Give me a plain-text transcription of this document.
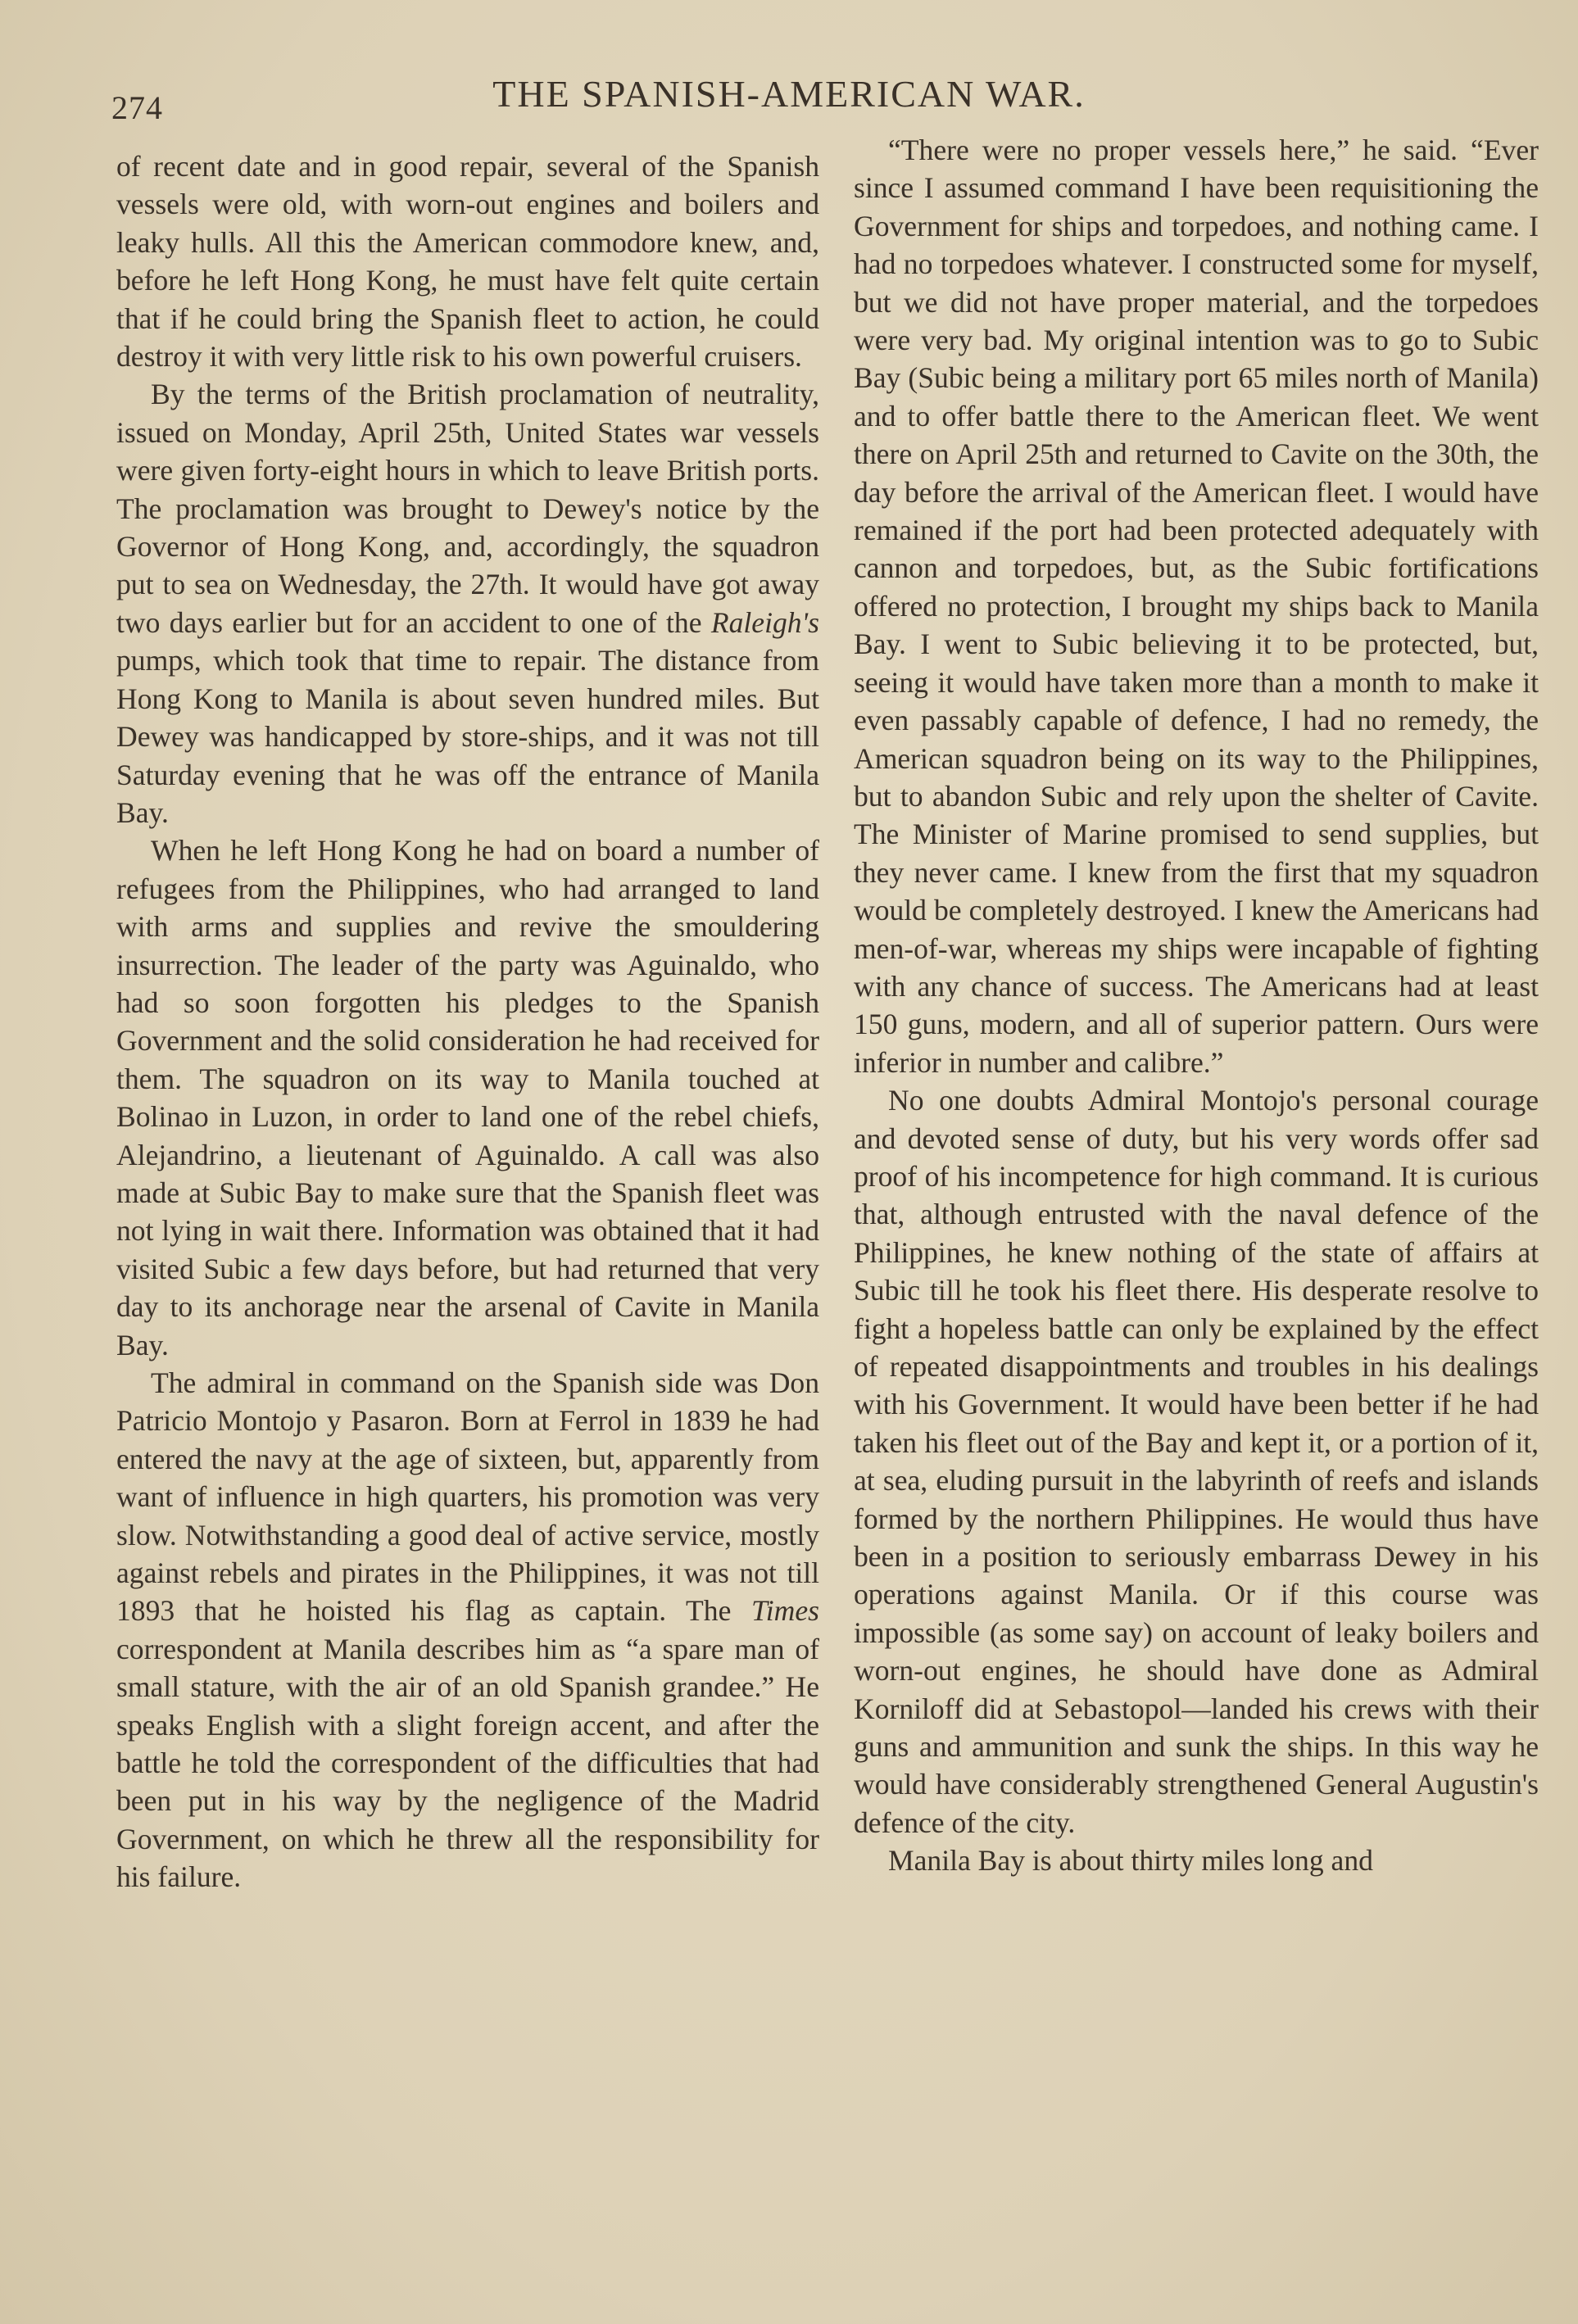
274	THE SPANISH-AMERICAN WAR.

of recent date and in good repair, several of the Spanish vessels were old, with worn-out engines and boilers and leaky hulls. All this the American commodore knew, and, before he left Hong Kong, he must have felt quite certain that if he could bring the Spanish fleet to action, he could destroy it with very little risk to his own powerful cruisers.

By the terms of the British proclamation of neutrality, issued on Monday, April 25th, United States war vessels were given forty-eight hours in which to leave British ports. The proclamation was brought to Dewey's notice by the Governor of Hong Kong, and, accordingly, the squadron put to sea on Wednesday, the 27th. It would have got away two days earlier but for an accident to one of the Raleigh's pumps, which took that time to repair. The distance from Hong Kong to Manila is about seven hundred miles. But Dewey was handicapped by store-ships, and it was not till Saturday evening that he was off the entrance of Manila Bay.

When he left Hong Kong he had on board a number of refugees from the Philippines, who had arranged to land with arms and supplies and revive the smouldering insurrection. The leader of the party was Aguinaldo, who had so soon forgotten his pledges to the Spanish Government and the solid consideration he had received for them. The squadron on its way to Manila touched at Bolinao in Luzon, in order to land one of the rebel chiefs, Alejandrino, a lieutenant of Aguinaldo. A call was also made at Subic Bay to make sure that the Spanish fleet was not lying in wait there. Information was obtained that it had visited Subic a few days before, but had returned that very day to its anchorage near the arsenal of Cavite in Manila Bay.

The admiral in command on the Spanish side was Don Patricio Montojo y Pasaron. Born at Ferrol in 1839 he had entered the navy at the age of sixteen, but, apparently from want of influence in high quarters, his promotion was very slow. Notwithstanding a good deal of active service, mostly against rebels and pirates in the Philippines, it was not till 1893 that he hoisted his flag as captain. The Times correspondent at Manila describes him as “a spare man of small stature, with the air of an old Spanish grandee.” He speaks English with a slight foreign accent, and after the battle he told the correspondent of the difficulties that had been put in his way by the negligence of the Madrid Government, on which he threw all the responsibility for his failure.

“There were no proper vessels here,” he said. “Ever since I assumed command I have been requisitioning the Government for ships and torpedoes, and nothing came. I had no torpedoes whatever. I constructed some for myself, but we did not have proper material, and the torpedoes were very bad. My original intention was to go to Subic Bay (Subic being a military port 65 miles north of Manila) and to offer battle there to the American fleet. We went there on April 25th and returned to Cavite on the 30th, the day before the arrival of the American fleet. I would have remained if the port had been protected adequately with cannon and torpedoes, but, as the Subic fortifications offered no protection, I brought my ships back to Manila Bay. I went to Subic believing it to be protected, but, seeing it would have taken more than a month to make it even passably capable of defence, I had no remedy, the American squadron being on its way to the Philippines, but to abandon Subic and rely upon the shelter of Cavite. The Minister of Marine promised to send supplies, but they never came. I knew from the first that my squadron would be completely destroyed. I knew the Americans had men-of-war, whereas my ships were incapable of fighting with any chance of success. The Americans had at least 150 guns, modern, and all of superior pattern. Ours were inferior in number and calibre.”

No one doubts Admiral Montojo's personal courage and devoted sense of duty, but his very words offer sad proof of his incompetence for high command. It is curious that, although entrusted with the naval defence of the Philippines, he knew nothing of the state of affairs at Subic till he took his fleet there. His desperate resolve to fight a hopeless battle can only be explained by the effect of repeated disappointments and troubles in his dealings with his Government. It would have been better if he had taken his fleet out of the Bay and kept it, or a portion of it, at sea, eluding pursuit in the labyrinth of reefs and islands formed by the northern Philippines. He would thus have been in a position to seriously embarrass Dewey in his operations against Manila. Or if this course was impossible (as some say) on account of leaky boilers and worn-out engines, he should have done as Admiral Korniloff did at Sebastopol—landed his crews with their guns and ammunition and sunk the ships. In this way he would have considerably strengthened General Augustin's defence of the city.

Manila Bay is about thirty miles long and
